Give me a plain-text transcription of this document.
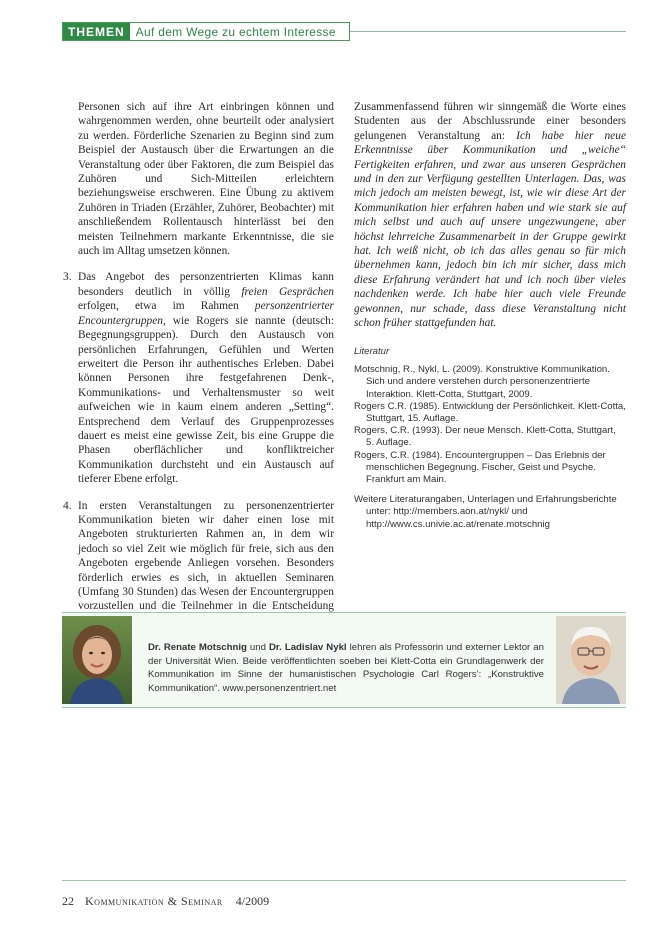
THEMEN Auf dem Wege zu echtem Interesse

Personen sich auf ihre Art einbringen können und wahrgenommen werden, ohne beurteilt oder analysiert zu werden. Förderliche Szenarien zu Beginn sind zum Beispiel der Austausch über die Erwartungen an die Veranstaltung oder über Faktoren, die zum Beispiel das Zuhören und Sich-Mitteilen erleichtern beziehungsweise erschweren. Eine Übung zu aktivem Zuhören in Triaden (Erzähler, Zuhörer, Beobachter) mit anschließendem Rollentausch hinterlässt bei den meisten Teilnehmern markante Erkenntnisse, die sie auch im Alltag umsetzen können.

3. Das Angebot des personzentrierten Klimas kann besonders deutlich in völlig freien Gesprächen erfolgen, etwa im Rahmen personzentrierter Encountergruppen, wie Rogers sie nannte (deutsch: Begegnungsgruppen). Durch den Austausch von persönlichen Erfahrungen, Gefühlen und Werten erweitert die Person ihr authentisches Erleben. Dabei können Personen ihre festgefahrenen Denk-, Kommunikations- und Verhaltensmuster so weit aufweichen wie in kaum einem anderen „Setting“. Entsprechend dem Verlauf des Gruppenprozesses dauert es meist eine gewisse Zeit, bis eine Gruppe die Phasen oberflächlicher und konfliktreicher Kommunikation durchsteht und ein Austausch auf tieferer Ebene erfolgt.
4. In ersten Veranstaltungen zu personenzentrierter Kommunikation bieten wir daher einen lose mit Angeboten strukturierten Rahmen an, in dem wir jedoch so viel Zeit wie möglich für freie, sich aus den Angeboten ergebende Anliegen vorsehen. Besonders förderlich erwies es sich, in aktuellen Seminaren (Umfang 30 Stunden) das Wesen der Encountergruppen vorzustellen und die Teilnehmer in die Entscheidung

Zusammenfassend führen wir sinngemäß die Worte eines Studenten aus der Abschlussrunde einer besonders gelungenen Veranstaltung an: Ich habe hier neue Erkenntnisse über Kommunikation und „weiche“ Fertigkeiten erfahren, und zwar aus unseren Gesprächen und in den zur Verfügung gestellten Unterlagen. Das, was mich jedoch am meisten bewegt, ist, wie wir diese Art der Kommunikation hier erfahren haben und wie stark sie auf mich selbst und auch auf unsere ungezwungene, aber höchst lehrreiche Zusammenarbeit in der Gruppe gewirkt hat. Ich weiß nicht, ob ich das alles genau so für mich übernehmen kann, jedoch bin ich mir sicher, dass mich diese Erfahrung verändert hat und ich noch über vieles nachdenken werde. Ich habe hier auch viele Freunde gewonnen, nur schade, dass diese Veranstaltung nicht schon früher stattgefunden hat.

Literatur

Motschnig, R., Nykl, L. (2009). Konstruktive Kommunikation. Sich und andere verstehen durch personenzentrierte Interaktion. Klett-Cotta, Stuttgart, 2009.

Rogers C.R. (1985). Entwicklung der Persönlichkeit. Klett-Cotta, Stuttgart, 15. Auflage.

Rogers, C.R. (1993). Der neue Mensch. Klett-Cotta, Stuttgart, 5. Auflage.

Rogers, C.R. (1984). Encountergruppen – Das Erlebnis der menschlichen Begegnung. Fischer, Geist und Psyche. Frankfurt am Main.

Weitere Literaturangaben, Unterlagen und Erfahrungsberichte unter: http://members.aon.at/nykl/ und http://www.cs.univie.ac.at/renate.motschnig

Dr. Renate Motschnig und Dr. Ladislav Nykl lehren als Professorin und externer Lektor an der Universität Wien. Beide veröffentlichten soeben bei Klett-Cotta ein Grundlagenwerk der Kommunikation im Sinne der humanistischen Psychologie Carl Rogers’: „Konstruktive Kommunikation“. www.personenzentriert.net
22 Kommunikation & Seminar 4/2009
